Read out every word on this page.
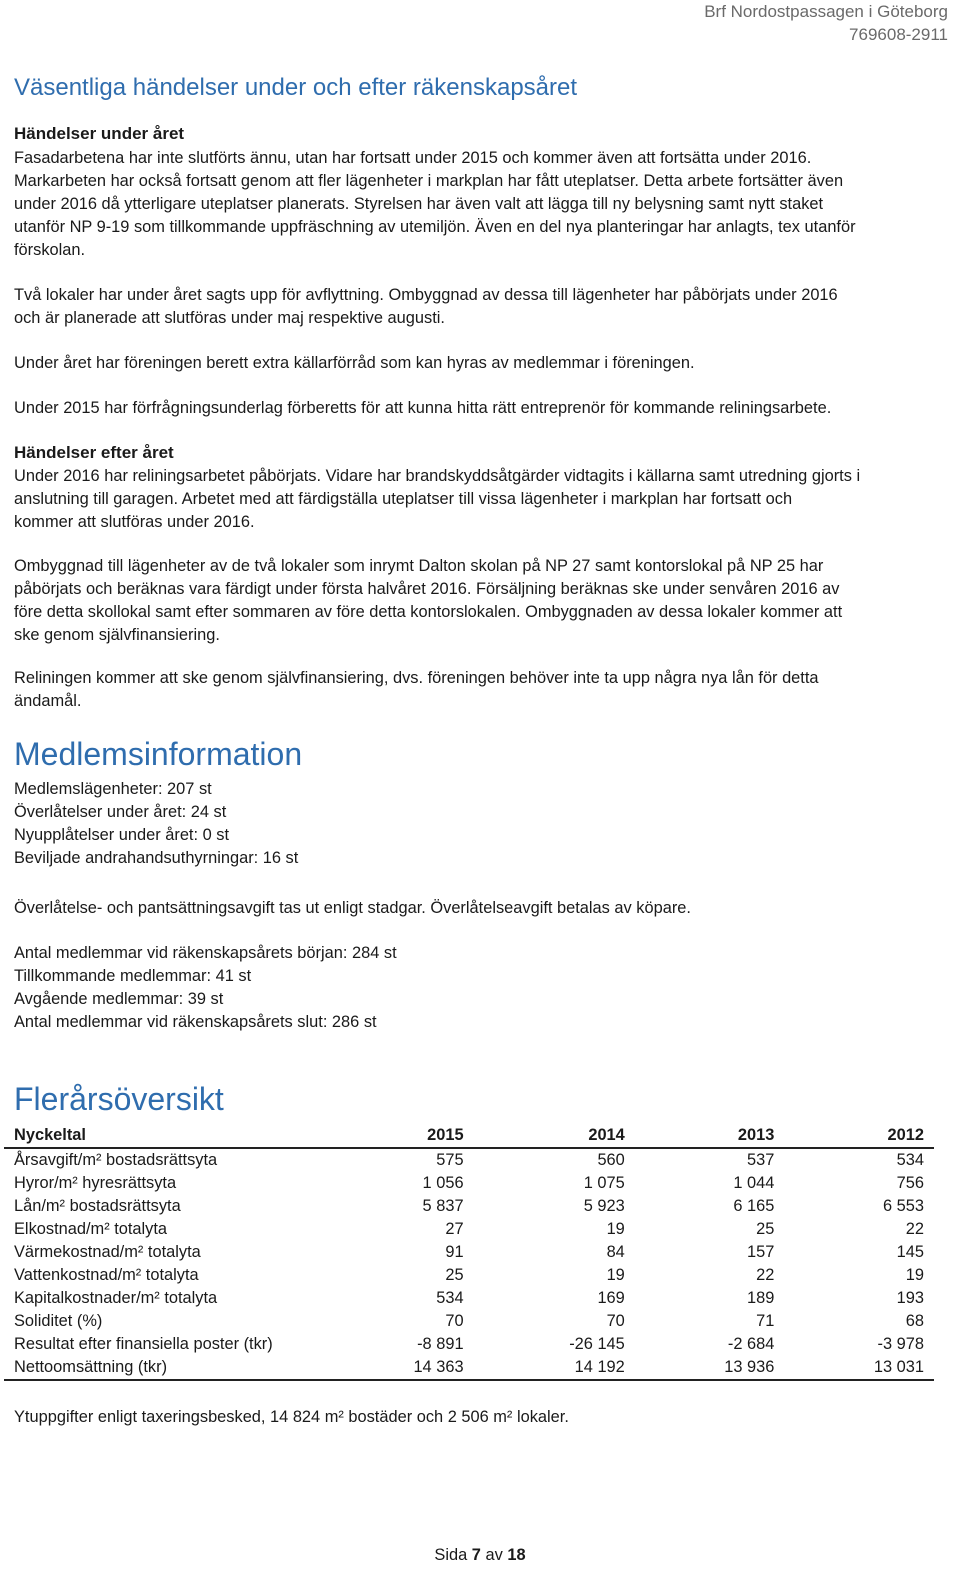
Brf Nordostpassagen i Göteborg
769608-2911
Väsentliga händelser under och efter räkenskapsåret
Händelser under året

Fasadarbetena har inte slutförts ännu, utan har fortsatt under 2015 och kommer även att fortsätta under 2016.
Markarbeten har också fortsatt genom att fler lägenheter i markplan har fått uteplatser. Detta arbete fortsätter även
under 2016 då ytterligare uteplatser planerats. Styrelsen har även valt att lägga till ny belysning samt nytt staket
utanför NP 9-19 som tillkommande uppfräschning av utemiljön. Även en del nya planteringar har anlagts, tex utanför
förskolan.

Två lokaler har under året sagts upp för avflyttning. Ombyggnad av dessa till lägenheter har påbörjats under 2016
och är planerade att slutföras under maj respektive augusti.

Under året har föreningen berett extra källarförråd som kan hyras av medlemmar i föreningen.

Under 2015 har förfrågningsunderlag förberetts för att kunna hitta rätt entreprenör för kommande reliningsarbete.

Händelser efter året

Under 2016 har reliningsarbetet påbörjats. Vidare har brandskyddsåtgärder vidtagits i källarna samt utredning gjorts i
anslutning till garagen. Arbetet med att färdigställa uteplatser till vissa lägenheter i markplan har fortsatt och
kommer att slutföras under 2016.

Ombyggnad till lägenheter av de två lokaler som inrymt Dalton skolan på NP 27 samt kontorslokal på NP 25 har
påbörjats och beräknas vara färdigt under första halvåret 2016. Försäljning beräknas ske under senvåren 2016 av
före detta skollokal samt efter sommaren av före detta kontorslokalen. Ombyggnaden av dessa lokaler kommer att
ske genom självfinansiering.

Reliningen kommer att ske genom självfinansiering, dvs. föreningen behöver inte ta upp några nya lån för detta
ändamål.

Medlemsinformation

Medlemslägenheter: 207 st
Överlåtelser under året: 24 st
Nyupplåtelser under året: 0 st
Beviljade andrahandsuthyrningar: 16 st

Överlåtelse- och pantsättningsavgift tas ut enligt stadgar. Överlåtelseavgift betalas av köpare.

Antal medlemmar vid räkenskapsårets början: 284 st
Tillkommande medlemmar: 41 st
Avgående medlemmar: 39 st
Antal medlemmar vid räkenskapsårets slut: 286 st

Flerårsöversikt
Nyckeltal	2015	2014	2013	2012
Årsavgift/m² bostadsrättsyta	575	560	537	534
Hyror/m² hyresrättsyta	1 056	1 075	1 044	756
Lån/m² bostadsrättsyta	5 837	5 923	6 165	6 553
Elkostnad/m² totalyta	27	19	25	22
Värmekostnad/m² totalyta	91	84	157	145
Vattenkostnad/m² totalyta	25	19	22	19
Kapitalkostnader/m² totalyta	534	169	189	193
Soliditet (%)	70	70	71	68
Resultat efter finansiella poster (tkr)	-8 891	-26 145	-2 684	-3 978
Nettoomsättning (tkr)	14 363	14 192	13 936	13 031

Ytuppgifter enligt taxeringsbesked, 14 824 m² bostäder och 2 506 m² lokaler.

Sida 7 av 18
